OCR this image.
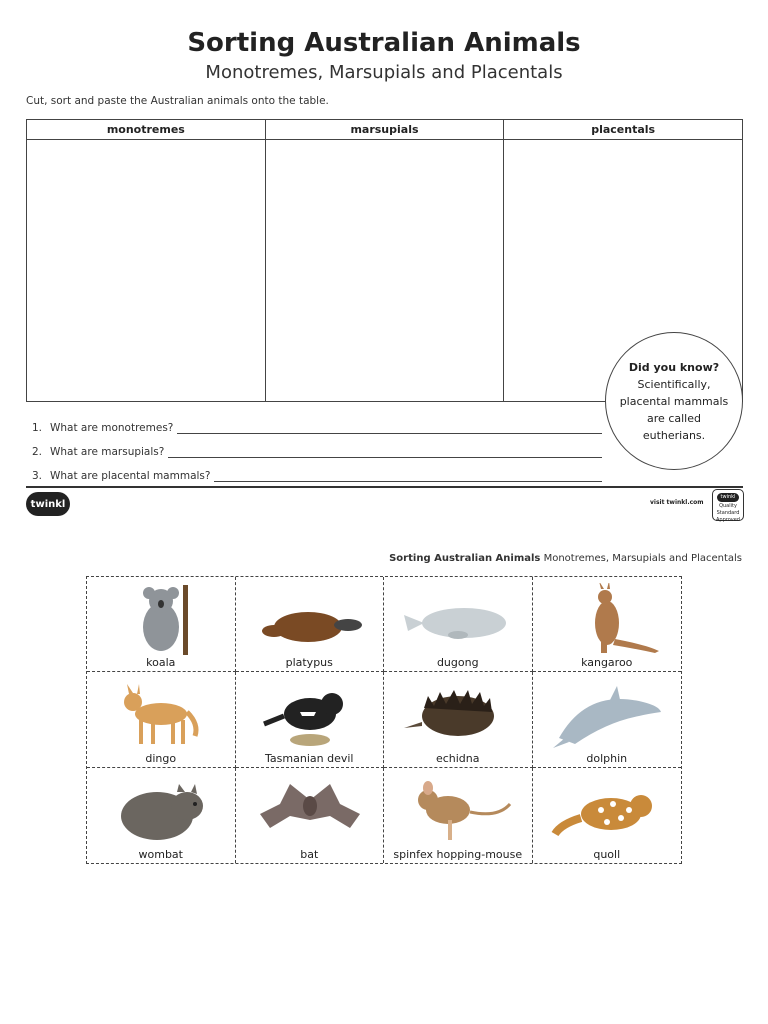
Sorting Australian Animals
Monotremes, Marsupials and Placentals
Cut, sort and paste the Australian animals onto the table.
monotremes	marsupials	placentals

1. What are monotremes?
2. What are marsupials?
3. What are placental mammals?
Did you know?
Scientifically, placental mammals are called eutherians.
twinkl	visit twinkl.com
twinkl
Quality Standard Approved
Sorting Australian Animals Monotremes, Marsupials and Placentals
koala	platypus	dugong	kangaroo
dingo	Tasmanian devil	echidna	dolphin
wombat	bat	spinfex hopping-mouse	quoll
